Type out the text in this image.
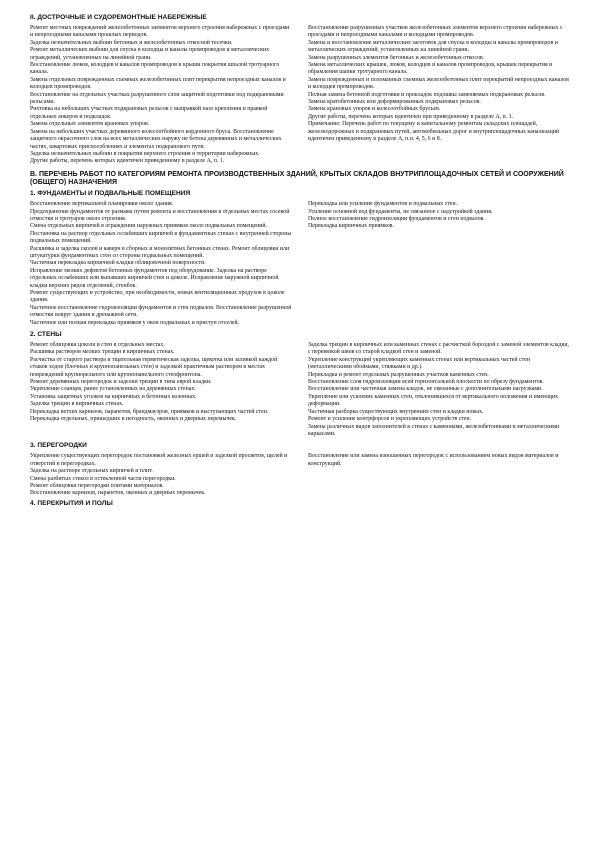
II. ДОСТРОЧНЫЕ И СУДОРЕМОНТНЫЕ НАБЕРЕЖНЫЕ

Ремонт местных повреждений железобетонных элементов верхнего строения набережных с проездами и непроездными каналами прошлых периодов.

Заделка незначительных выбоин бетонных и железобетонных откосной тесечки.

Ремонт металлических выбоин для спуска в колодцы и каналы промпроводов и металлических ограждений, установленных на линейной грани.

Восстановление люков, колодцев и каналов промпроводов и крыши покрытия шпалой тротуарного канала.

Замена отдельных поврежденных съемных железобетонных плит перекрытия непроездных каналов и колодцев промпроводов.

Восстановление на отдельных участках разрушенного слоя защитной подготовки под подкрановыми рельсами.

Рихтовка на небольших участках подкрановых рельсов с выправкой пазо крепления и правкой отдельных анкеров и подкладок.

Замена отдельных элементов крановых упоров.

Замена на небольших участках деревянного колесоотбойного кордонного бруса. Восстановление защитного окрасочного слоя на всех металлических наружу не бетона деревянных и металлических частях, швартовых приспособлениях и элементах подкранового пути.

Заделка незначительных выбоин в покрытии верхнего строения и территории набережных.

Другие работы, перечень которых идентичен приведенному в разделе А, п. 1.

Восстановление разрушенных участков железобетонных элементов верхнего строения набережных с проездами и непроездными каналами и колодцами промпроводов.

Замена и восстановление металлических заготовок для спуска в колодцы и каналы промпроводов и металлических ограждений, установленных на линейной грани.

Замена разрушенных элементов бетонных и железобетонных откосов.

Замена металлических крышек, люков, колодцев и каналов промпроводов, крышек перекрытия и обрамления шапки тротуарного канала.

Замена поврежденных и поломанных съемных железобетонных плит перекрытий непроездных каналов и колодцев промпроводов.

Полная замена бетонной подготовки и прокладок подошвы заменяемых подкрановых рельсов.

Замена кратобетонных или деформированных подкрановых рельсов.

Замена крановых упоров и колесоотбойных брусьев.

Другие работы, перечень которых идентичен при приведенному в разделе А, п. 1.

Примечание: Перечень работ по текущему и капитальному ремонтам складских площадей, железнодорожных и подкрановых путей, автомобильных дорог и внутриплощадочных канализаций идентичен приведенному в разделе А, п.п. 4, 5, 6 и 8.

В. ПЕРЕЧЕНЬ РАБОТ ПО КАТЕГОРИЯМ РЕМОНТА ПРОИЗВОДСТВЕННЫХ ЗДАНИЙ, КРЫТЫХ СКЛАДОВ ВНУТРИПЛОЩАДОЧНЫХ СЕТЕЙ И СООРУЖЕНИЙ (ОБЩЕГО) НАЗНАЧЕНИЯ
1. ФУНДАМЕНТЫ И ПОДВАЛЬНЫЕ ПОМЕЩЕНИЯ

Восстановление вертикальной планировки около здания.

Предохранение фундаментов от размыва путем ремонта и восстановления в отдельных местах сосевой отмостки и тротуаров около строения.

Смена отдельных кирпичей в ограждении наружных приямков около подвальных помещений.

Постановка на раствор отдельных ослабевших кирпичей в фундаментных стенах с внутренней стороны подвальных помещений.

Расшивка и заделка сколов и каверн в сборных и монолитных бетонных стенах. Ремонт облицовки или штукатурки фундаментных стен со стороны подвальных помещений.

Частичная перекладка кирпичной кладки облицовочной поверхности.

Исправление мелких дефектов бетонных фундаментов под оборудование. Заделка на растворе отдельных ослабевших или выпавших кирпичей стен и цоколе. Исправление наружной кирпичной кладки верхних рядов отделений, стенбок.

Ремонт существующих и устройство, при необходимости, новых вентиляционных продухов в цоколе здания.

Частичное восстановление гидроизоляции фундаментов и стен подвалов. Восстановление разрушенной отмостки вокруг здания и дренажной сети.

Частичное или полная перекладка приямков у окон подвальных и приступ отселей.

Перекладка или усиление фундаментов и подвальных стен.

Усиление основной под фундаменты, не связанное с надстройкой здания.

Полное восстановление гидроизоляции фундаментов и стен подвалов.

Перекладка кирпичных приямков.

2. СТЕНЫ

Ремонт облицовки цоколя и стен в отдельных местах.

Расшивка растворов мелких трещин в кирпичных стенах.

Расчистка от старого раствора и тщательная герметическая заделка, щекотка или заливкой каждой стыков ходов (блочных и крупнопанельных стен) и заделкой практичным раствором в местах повреждений крупнорельного или крупнопанельного стеофронтона.

Ремонт деревянных перегородок и заделки трещин в типа еврой кладки.

Укрепление сланцев, ранее установленных на деревянных стенах.

Установка защитных уголков на кирпичных и бетонных колоннах.

Заделка трещин в кирпичных стенах.

Перекладка ветхих карнизов, парапетов, брандмауэров, приямков и выступающих частей стен. Перекладка отдельных, пришедших в негодность, оконных и дверных перемычек.

Заделка трещин в кирпичных или каменных стенах с расчисткой бороздой с заменой элементов кладки, с перевязкой швов со старой кладкой стен и заменой.

Укрепление конструкций укрепляющих каменных стенах или вертикальных частей стен (металлическими обоймами, стяжками и др.).

Перекладка и ремонт отдельных разрушенных участков каменных стен.

Восстановление слоя гидроизоляции всей горизонтальной плоскости по обрезу фундаментов.

Восстановление или частичная замена кладок, не связанные с дополнительными нагрузками.

Укрепление или усиление каменных стен, отклонившихся от вертикального положения и имеющих деформации.

Частичная разборка существующих внутренних стен и кладки новых.

Ремонт и усиление контрфорсов и укрепляющих устройств стен.

Замена различных видов заполнителей в стенах с каменными, железобетонными и металлическими каркасами.

3. ПЕРЕГОРОДКИ

Укрепление существующих перегородок постановкой железных ершей и заделкой просветов, щелей и отверстий в перегородках.

Заделка на растворе отдельных кирпичей и плит.

Смена разбитых стекол в остекленной части перегородки.

Ремонт облицовки перегородки плитами материалов.

Восстановление карнизов, парапетов, оконных и дверных перемычек.

Восстановление или замена изношенных перегородок с использованием новых видов материалов и конструкций.

4. ПЕРЕКРЫТИЯ И ПОЛЫ
